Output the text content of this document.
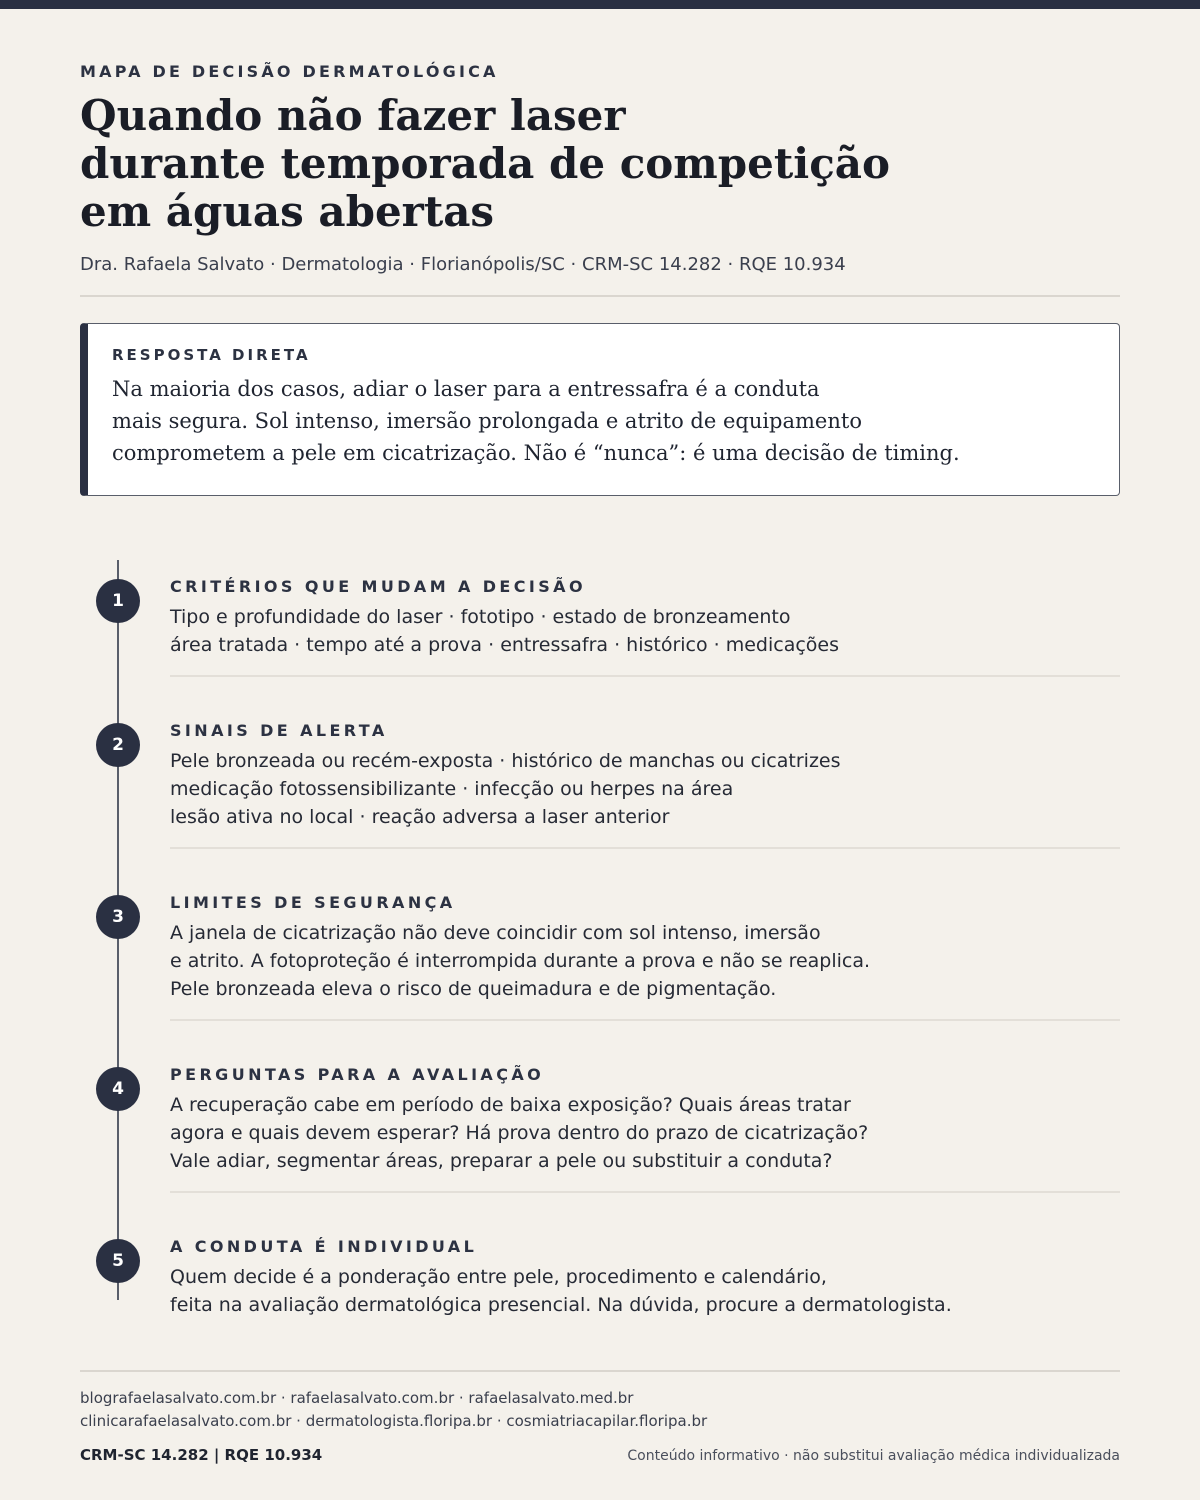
MAPA DE DECISÃO DERMATOLÓGICA
Quando não fazer laser
durante temporada de competição
em águas abertas
Dra. Rafaela Salvato · Dermatologia · Florianópolis/SC · CRM-SC 14.282 · RQE 10.934
RESPOSTA DIRETA
Na maioria dos casos, adiar o laser para a entressafra é a conduta
mais segura. Sol intenso, imersão prolongada e atrito de equipamento
comprometem a pele em cicatrização. Não é “nunca”: é uma decisão de timing.
1
CRITÉRIOS QUE MUDAM A DECISÃO
Tipo e profundidade do laser · fototipo · estado de bronzeamento
área tratada · tempo até a prova · entressafra · histórico · medicações
2
SINAIS DE ALERTA
Pele bronzeada ou recém-exposta · histórico de manchas ou cicatrizes
medicação fotossensibilizante · infecção ou herpes na área
lesão ativa no local · reação adversa a laser anterior
3
LIMITES DE SEGURANÇA
A janela de cicatrização não deve coincidir com sol intenso, imersão
e atrito. A fotoproteção é interrompida durante a prova e não se reaplica.
Pele bronzeada eleva o risco de queimadura e de pigmentação.
4
PERGUNTAS PARA A AVALIAÇÃO
A recuperação cabe em período de baixa exposição? Quais áreas tratar
agora e quais devem esperar? Há prova dentro do prazo de cicatrização?
Vale adiar, segmentar áreas, preparar a pele ou substituir a conduta?
5
A CONDUTA É INDIVIDUAL
Quem decide é a ponderação entre pele, procedimento e calendário,
feita na avaliação dermatológica presencial. Na dúvida, procure a dermatologista.
blografaelasalvato.com.br · rafaelasalvato.com.br · rafaelasalvato.med.br
clinicarafaelasalvato.com.br · dermatologista.floripa.br · cosmiatriacapilar.floripa.br
CRM-SC 14.282 | RQE 10.934	Conteúdo informativo · não substitui avaliação médica individualizada
